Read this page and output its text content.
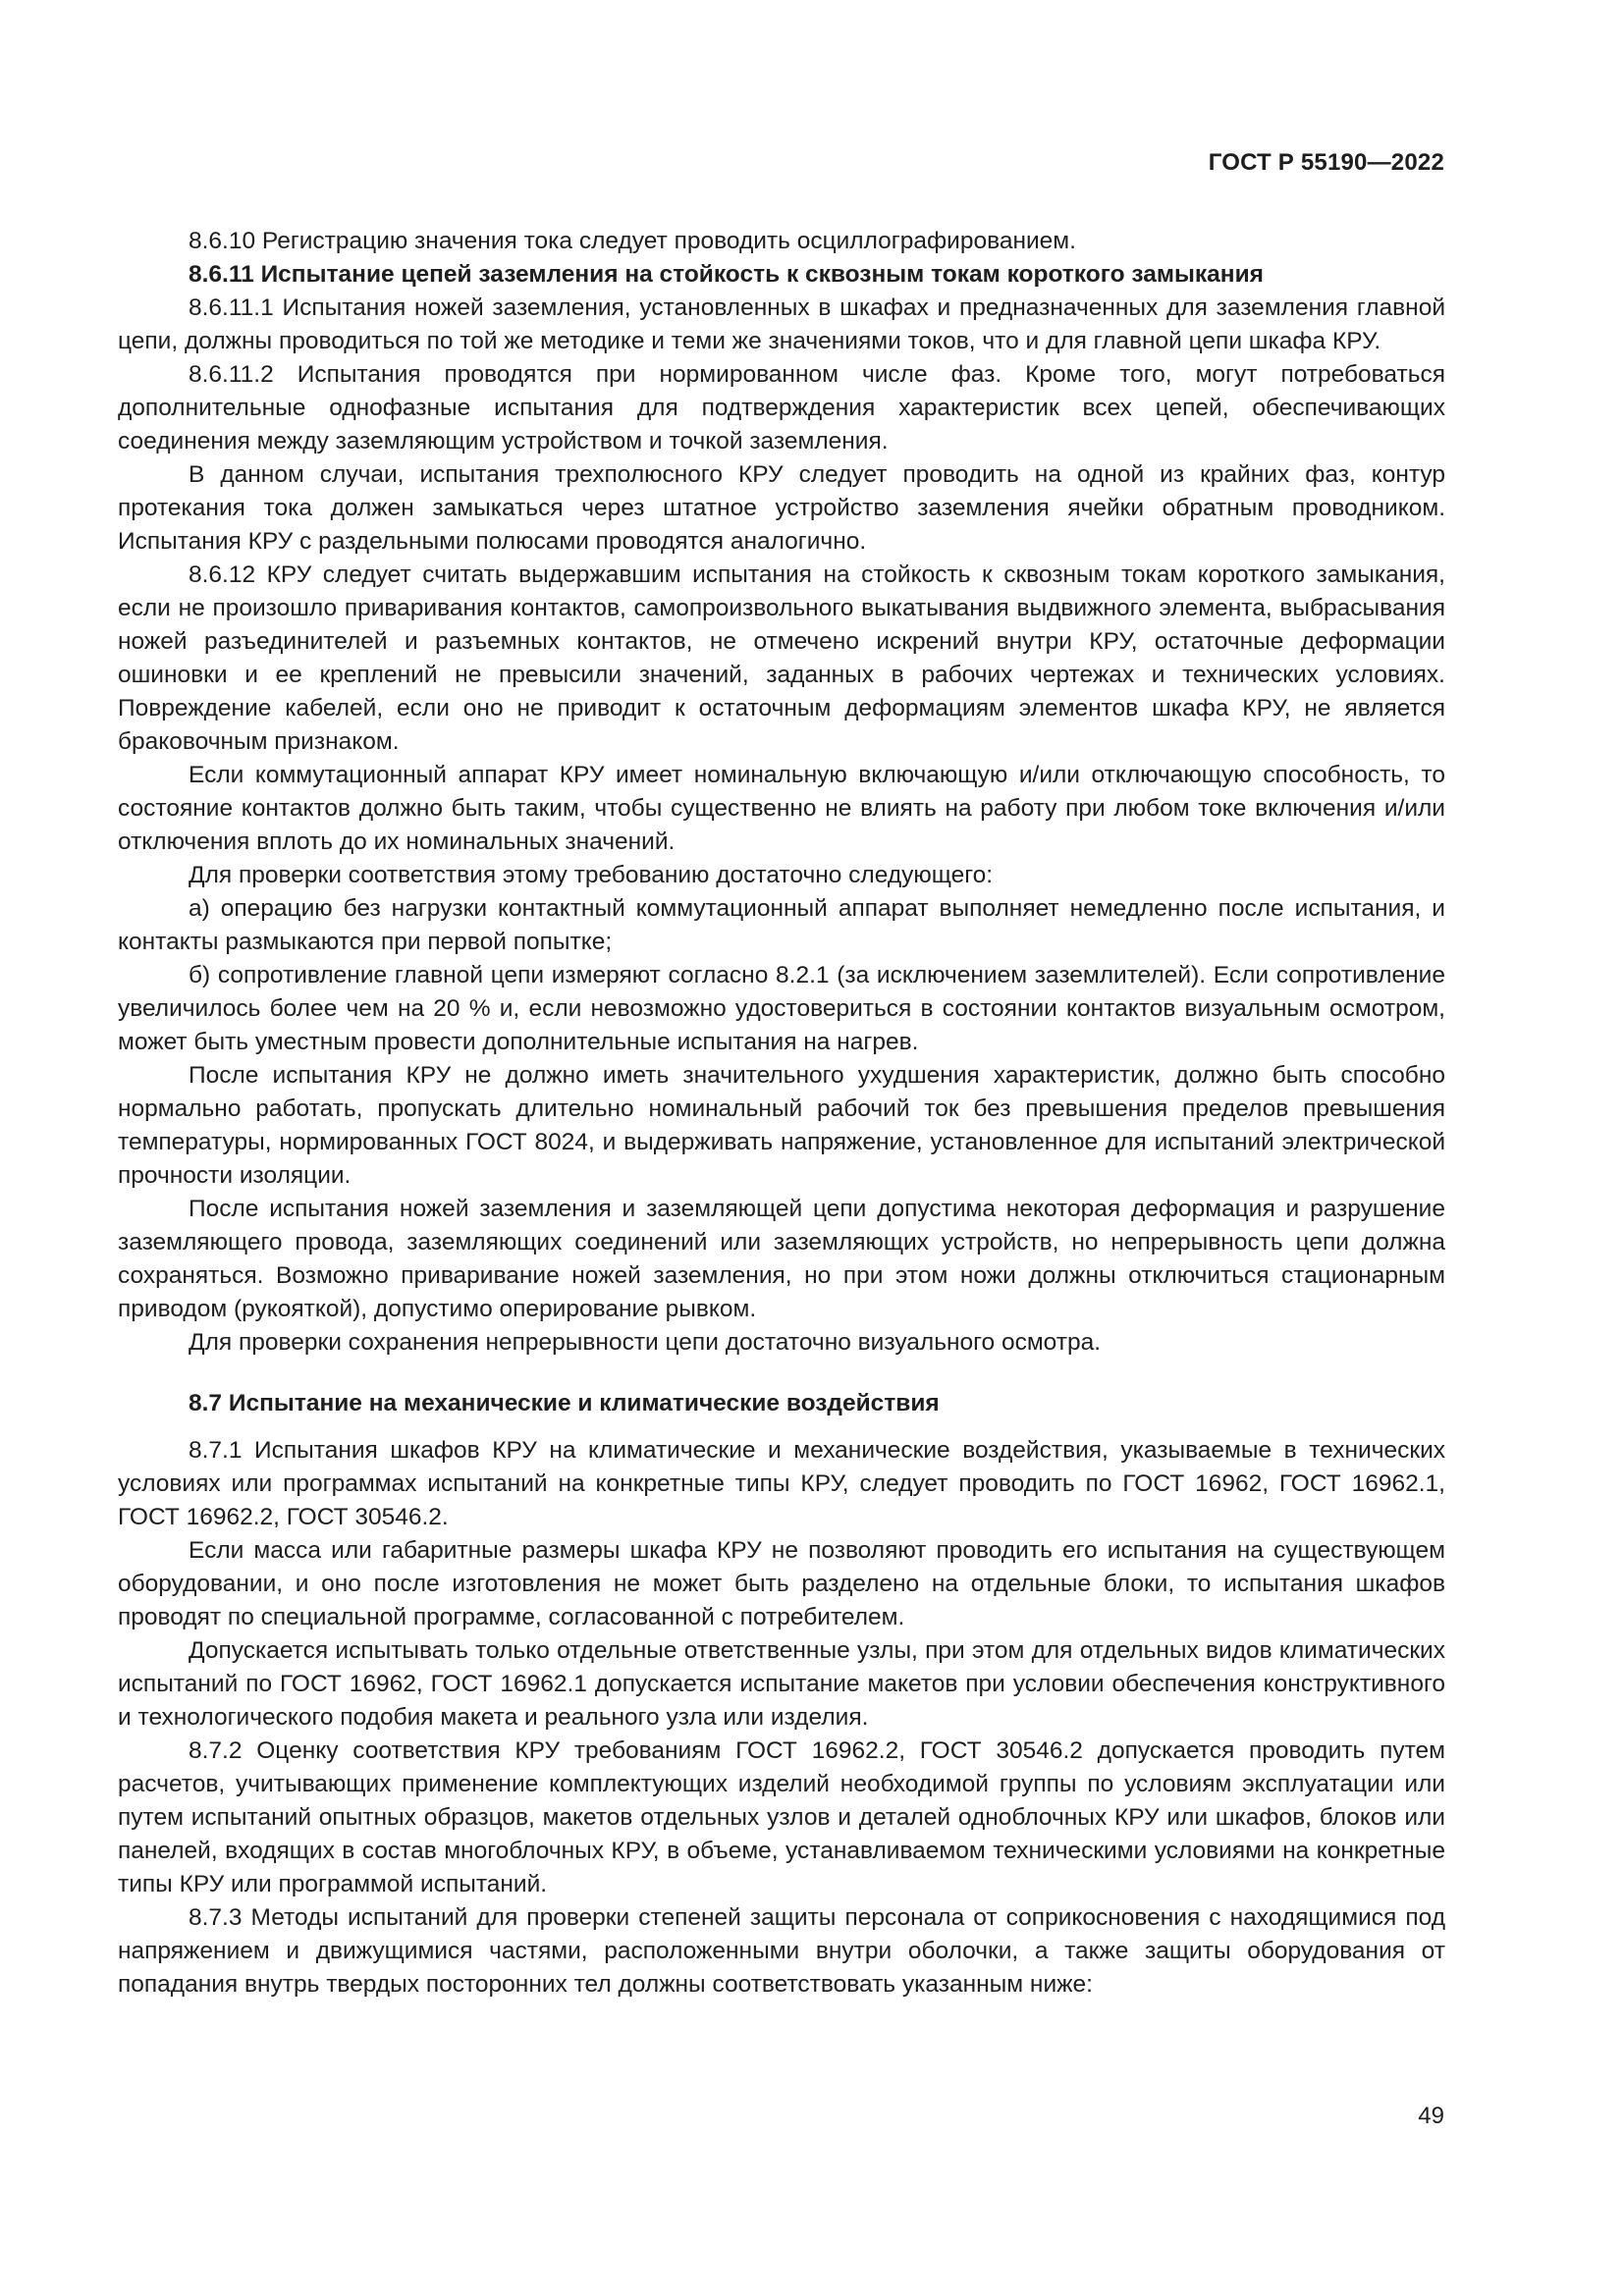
ГОСТ Р 55190—2022

8.6.10 Регистрацию значения тока следует проводить осциллографированием.

8.6.11 Испытание цепей заземления на стойкость к сквозным токам короткого замыкания

8.6.11.1 Испытания ножей заземления, установленных в шкафах и предназначенных для заземления главной цепи, должны проводиться по той же методике и теми же значениями токов, что и для главной цепи шкафа КРУ.

8.6.11.2 Испытания проводятся при нормированном числе фаз. Кроме того, могут потребоваться дополнительные однофазные испытания для подтверждения характеристик всех цепей, обеспечивающих соединения между заземляющим устройством и точкой заземления.

В данном случаи, испытания трехполюсного КРУ следует проводить на одной из крайних фаз, контур протекания тока должен замыкаться через штатное устройство заземления ячейки обратным проводником. Испытания КРУ с раздельными полюсами проводятся аналогично.

8.6.12 КРУ следует считать выдержавшим испытания на стойкость к сквозным токам короткого замыкания, если не произошло приваривания контактов, самопроизвольного выкатывания выдвижного элемента, выбрасывания ножей разъединителей и разъемных контактов, не отмечено искрений внутри КРУ, остаточные деформации ошиновки и ее креплений не превысили значений, заданных в рабочих чертежах и технических условиях. Повреждение кабелей, если оно не приводит к остаточным деформациям элементов шкафа КРУ, не является браковочным признаком.

Если коммутационный аппарат КРУ имеет номинальную включающую и/или отключающую способность, то состояние контактов должно быть таким, чтобы существенно не влиять на работу при любом токе включения и/или отключения вплоть до их номинальных значений.

Для проверки соответствия этому требованию достаточно следующего:

а) операцию без нагрузки контактный коммутационный аппарат выполняет немедленно после испытания, и контакты размыкаются при первой попытке;

б) сопротивление главной цепи измеряют согласно 8.2.1 (за исключением заземлителей). Если сопротивление увеличилось более чем на 20 % и, если невозможно удостовериться в состоянии контактов визуальным осмотром, может быть уместным провести дополнительные испытания на нагрев.

После испытания КРУ не должно иметь значительного ухудшения характеристик, должно быть способно нормально работать, пропускать длительно номинальный рабочий ток без превышения пределов превышения температуры, нормированных ГОСТ 8024, и выдерживать напряжение, установленное для испытаний электрической прочности изоляции.

После испытания ножей заземления и заземляющей цепи допустима некоторая деформация и разрушение заземляющего провода, заземляющих соединений или заземляющих устройств, но непрерывность цепи должна сохраняться. Возможно приваривание ножей заземления, но при этом ножи должны отключиться стационарным приводом (рукояткой), допустимо оперирование рывком.

Для проверки сохранения непрерывности цепи достаточно визуального осмотра.

8.7 Испытание на механические и климатические воздействия

8.7.1 Испытания шкафов КРУ на климатические и механические воздействия, указываемые в технических условиях или программах испытаний на конкретные типы КРУ, следует проводить по ГОСТ 16962, ГОСТ 16962.1, ГОСТ 16962.2, ГОСТ 30546.2.

Если масса или габаритные размеры шкафа КРУ не позволяют проводить его испытания на существующем оборудовании, и оно после изготовления не может быть разделено на отдельные блоки, то испытания шкафов проводят по специальной программе, согласованной с потребителем.

Допускается испытывать только отдельные ответственные узлы, при этом для отдельных видов климатических испытаний по ГОСТ 16962, ГОСТ 16962.1 допускается испытание макетов при условии обеспечения конструктивного и технологического подобия макета и реального узла или изделия.

8.7.2 Оценку соответствия КРУ требованиям ГОСТ 16962.2, ГОСТ 30546.2 допускается проводить путем расчетов, учитывающих применение комплектующих изделий необходимой группы по условиям эксплуатации или путем испытаний опытных образцов, макетов отдельных узлов и деталей одноблочных КРУ или шкафов, блоков или панелей, входящих в состав многоблочных КРУ, в объеме, устанавливаемом техническими условиями на конкретные типы КРУ или программой испытаний.

8.7.3 Методы испытаний для проверки степеней защиты персонала от соприкосновения с находящимися под напряжением и движущимися частями, расположенными внутри оболочки, а также защиты оборудования от попадания внутрь твердых посторонних тел должны соответствовать указанным ниже:

49
